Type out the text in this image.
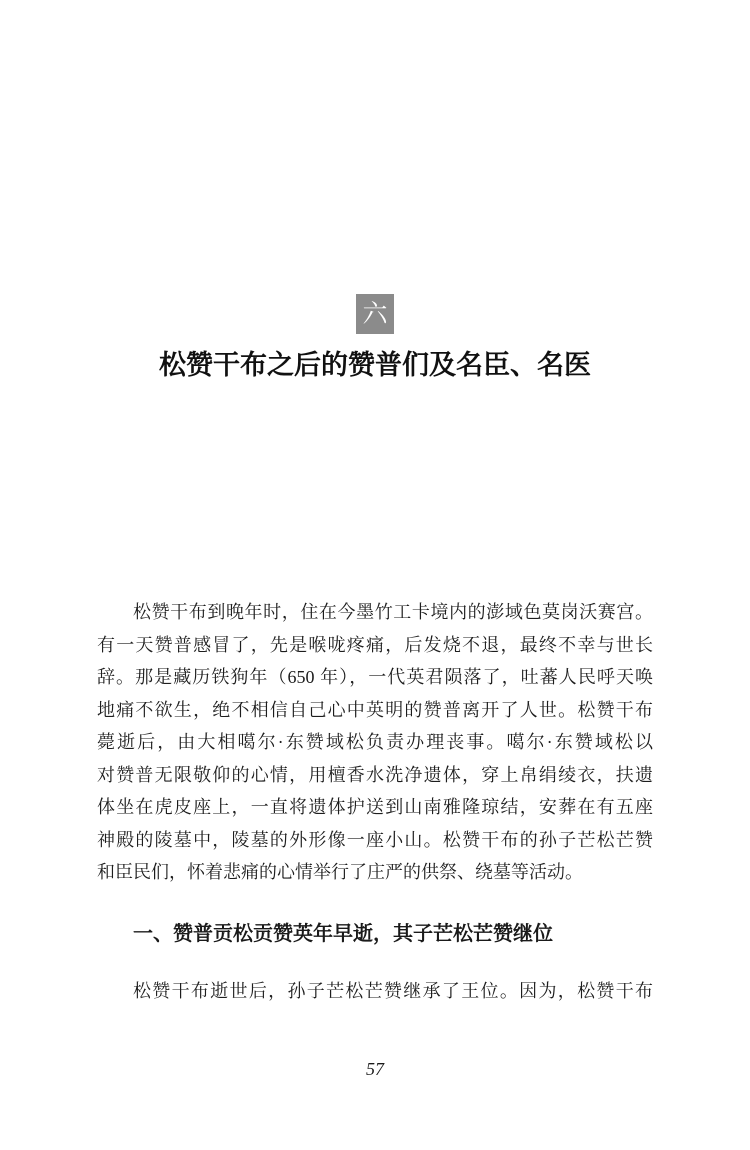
六
松赞干布之后的赞普们及名臣、名医
松赞干布到晚年时，住在今墨竹工卡境内的澎域色莫岗沃赛宫。
有一天赞普感冒了，先是喉咙疼痛，后发烧不退，最终不幸与世长
辞。那是藏历铁狗年（650 年），一代英君陨落了，吐蕃人民呼天唤
地痛不欲生，绝不相信自己心中英明的赞普离开了人世。松赞干布
薨逝后，由大相噶尔·东赞域松负责办理丧事。噶尔·东赞域松以
对赞普无限敬仰的心情，用檀香水洗净遗体，穿上帛绢绫衣，扶遗
体坐在虎皮座上，一直将遗体护送到山南雅隆琼结，安葬在有五座
神殿的陵墓中，陵墓的外形像一座小山。松赞干布的孙子芒松芒赞
和臣民们，怀着悲痛的心情举行了庄严的供祭、绕墓等活动。
一、赞普贡松贡赞英年早逝，其子芒松芒赞继位
松赞干布逝世后，孙子芒松芒赞继承了王位。因为，松赞干布
57
